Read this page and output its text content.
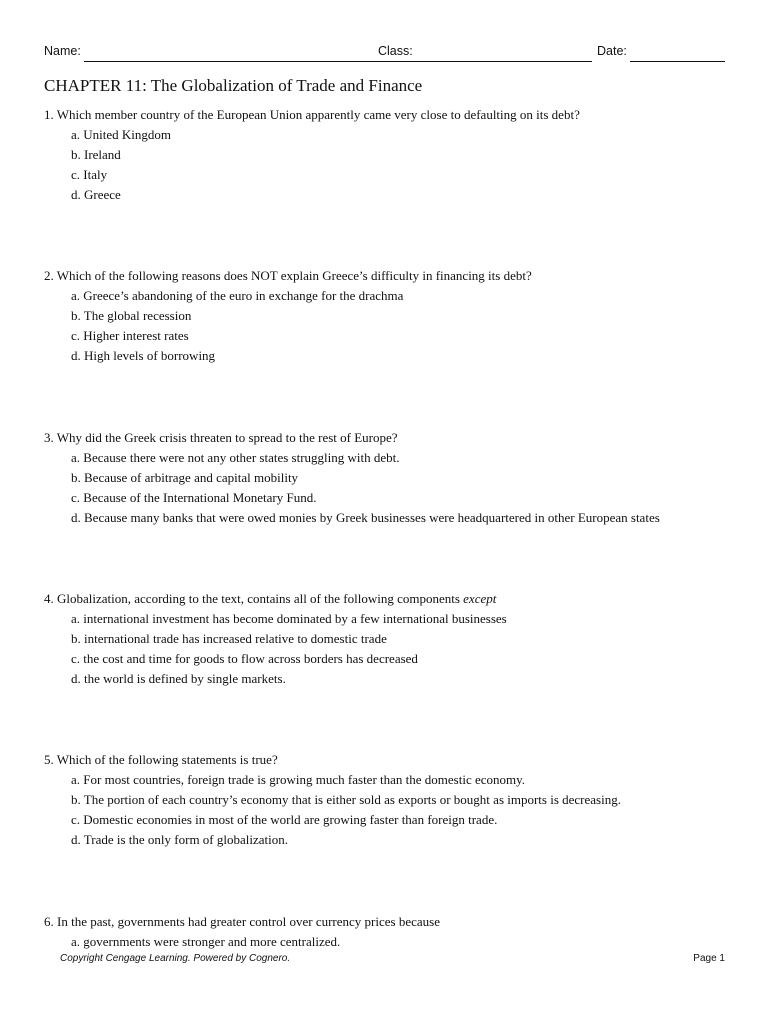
Name:	Class:	Date:
CHAPTER 11: The Globalization of Trade and Finance
1. Which member country of the European Union apparently came very close to defaulting on its debt?
a. United Kingdom
b. Ireland
c. Italy
d. Greece
2. Which of the following reasons does NOT explain Greece’s difficulty in financing its debt?
a. Greece’s abandoning of the euro in exchange for the drachma
b. The global recession
c. Higher interest rates
d. High levels of borrowing
3. Why did the Greek crisis threaten to spread to the rest of Europe?
a. Because there were not any other states struggling with debt.
b. Because of arbitrage and capital mobility
c. Because of the International Monetary Fund.
d. Because many banks that were owed monies by Greek businesses were headquartered in other European states
4. Globalization, according to the text, contains all of the following components except
a. international investment has become dominated by a few international businesses
b. international trade has increased relative to domestic trade
c. the cost and time for goods to flow across borders has decreased
d. the world is defined by single markets.
5. Which of the following statements is true?
a. For most countries, foreign trade is growing much faster than the domestic economy.
b. The portion of each country’s economy that is either sold as exports or bought as imports is decreasing.
c. Domestic economies in most of the world are growing faster than foreign trade.
d. Trade is the only form of globalization.
6. In the past, governments had greater control over currency prices because
a. governments were stronger and more centralized.
Copyright Cengage Learning. Powered by Cognero.	Page 1
